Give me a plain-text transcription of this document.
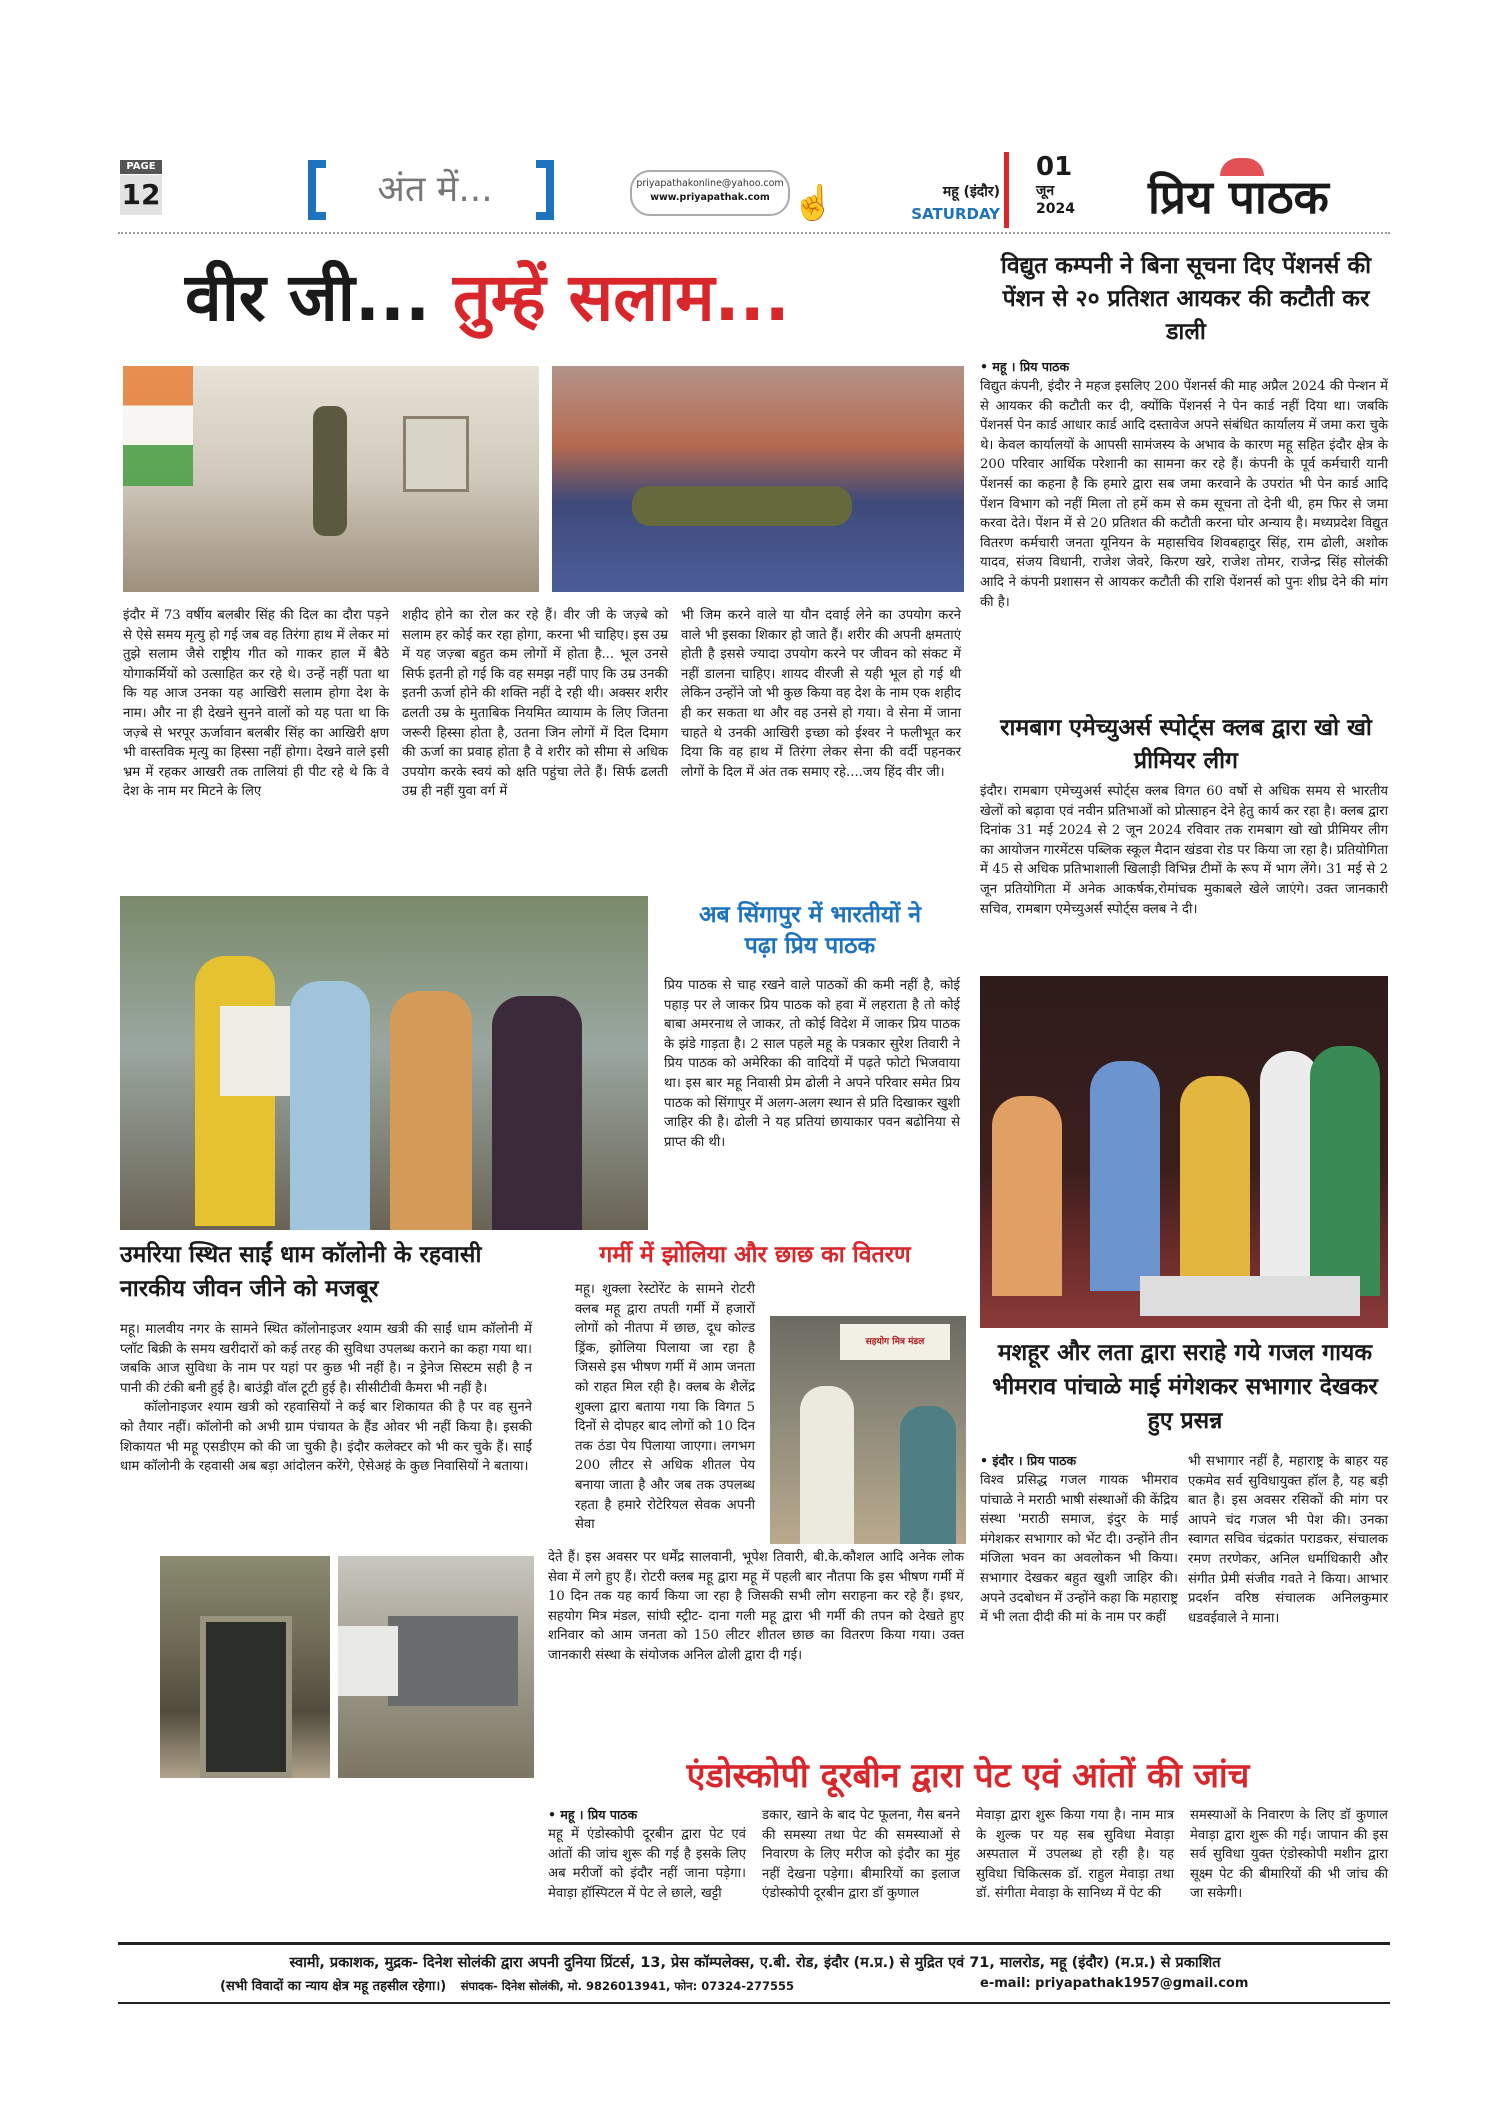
PAGE
12	अंत में...	priyapathakonline@yahoo.com
www.priyapathak.com ☝	महू (इंदौर)
SATURDAY
01
जून
2024	प्रिय पाठक
वीर जी... तुम्हें सलाम...

इंदौर में 73 वर्षीय बलबीर सिंह की दिल का दौरा पड़ने से ऐसे समय मृत्यु हो गई जब वह तिरंगा हाथ में लेकर मां तुझे सलाम जैसे राष्ट्रीय गीत को गाकर हाल में बैठे योगाकर्मियों को उत्साहित कर रहे थे। उन्हें नहीं पता था कि यह आज उनका यह आखिरी सलाम होगा देश के नाम। और ना ही देखने सुनने वालों को यह पता था कि जज़्बे से भरपूर ऊर्जावान बलबीर सिंह का आखिरी क्षण भी वास्तविक मृत्यु का हिस्सा नहीं होगा। देखने वाले इसी भ्रम में रहकर आखरी तक तालियां ही पीट रहे थे कि वे देश के नाम मर मिटने के लिए

शहीद होने का रोल कर रहे हैं। वीर जी के जज़्बे को सलाम हर कोई कर रहा होगा, करना भी चाहिए। इस उम्र में यह जज़्बा बहुत कम लोगों में होता है... भूल उनसे सिर्फ इतनी हो गई कि वह समझ नहीं पाए कि उम्र उनकी इतनी ऊर्जा होने की शक्ति नहीं दे रही थी। अक्सर शरीर ढलती उम्र के मुताबिक नियमित व्यायाम के लिए जितना जरूरी हिस्सा होता है, उतना जिन लोगों में दिल दिमाग की ऊर्जा का प्रवाह होता है वे शरीर को सीमा से अधिक उपयोग करके स्वयं को क्षति पहुंचा लेते हैं। सिर्फ ढलती उम्र ही नहीं युवा वर्ग में

भी जिम करने वाले या यौन दवाई लेने का उपयोग करने वाले भी इसका शिकार हो जाते हैं। शरीर की अपनी क्षमताएं होती है इससे ज्यादा उपयोग करने पर जीवन को संकट में नहीं डालना चाहिए। शायद वीरजी से यही भूल हो गई थी लेकिन उन्होंने जो भी कुछ किया वह देश के नाम एक शहीद ही कर सकता था और वह उनसे हो गया। वे सेना में जाना चाहते थे उनकी आखिरी इच्छा को ईश्वर ने फलीभूत कर दिया कि वह हाथ में तिरंगा लेकर सेना की वर्दी पहनकर लोगों के दिल में अंत तक समाए रहे....जय हिंद वीर जी।

विद्युत कम्पनी ने बिना सूचना दिए पेंशनर्स की पेंशन से २० प्रतिशत आयकर की कटौती कर डाली

• महू । प्रिय पाठक

विद्युत कंपनी, इंदौर ने महज इसलिए 200 पेंशनर्स की माह अप्रैल 2024 की पेन्शन में से आयकर की कटौती कर दी, क्योंकि पेंशनर्स ने पेन कार्ड नहीं दिया था। जबकि पेंशनर्स पेन कार्ड आधार कार्ड आदि दस्तावेज अपने संबंधित कार्यालय में जमा करा चुके थे। केवल कार्यालयों के आपसी सामंजस्य के अभाव के कारण महू सहित इंदौर क्षेत्र के 200 परिवार आर्थिक परेशानी का सामना कर रहे हैं। कंपनी के पूर्व कर्मचारी यानी पेंशनर्स का कहना है कि हमारे द्वारा सब जमा करवाने के उपरांत भी पेन कार्ड आदि पेंशन विभाग को नहीं मिला तो हमें कम से कम सूचना तो देनी थी, हम फिर से जमा करवा देते। पेंशन में से 20 प्रतिशत की कटौती करना घोर अन्याय है। मध्यप्रदेश विद्युत वितरण कर्मचारी जनता यूनियन के महासचिव शिवबहादुर सिंह, राम ढोली, अशोक यादव, संजय विधानी, राजेश जेवरे, किरण खरे, राजेश तोमर, राजेन्द्र सिंह सोलंकी आदि ने कंपनी प्रशासन से आयकर कटौती की राशि पेंशनर्स को पुनः शीघ्र देने की मांग की है।

रामबाग एमेच्युअर्स स्पोर्ट्स क्लब द्वारा खो खो प्रीमियर लीग

इंदौर। रामबाग एमेच्युअर्स स्पोर्ट्स क्लब विगत 60 वर्षो से अधिक समय से भारतीय खेलों को बढ़ावा एवं नवीन प्रतिभाओं को प्रोत्साहन देने हेतु कार्य कर रहा है। क्लब द्वारा दिनांक 31 मई 2024 से 2 जून 2024 रविवार तक रामबाग खो खो प्रीमियर लीग का आयोजन गारमेंटस पब्लिक स्कूल मैदान खंडवा रोड पर किया जा रहा है। प्रतियोगिता में 45 से अधिक प्रतिभाशाली खिलाड़ी विभिन्न टीमों के रूप में भाग लेंगे। 31 मई से 2 जून प्रतियोगिता में अनेक आकर्षक,रोमांचक मुकाबले खेले जाएंगे। उक्त जानकारी सचिव, रामबाग एमेच्युअर्स स्पोर्ट्स क्लब ने दी।

अब सिंगापुर में भारतीयों ने पढ़ा प्रिय पाठक

प्रिय पाठक से चाह रखने वाले पाठकों की कमी नहीं है, कोई पहाड़ पर ले जाकर प्रिय पाठक को हवा में लहराता है तो कोई बाबा अमरनाथ ले जाकर, तो कोई विदेश में जाकर प्रिय पाठक के झंडे गाड़ता है। 2 साल पहले महू के पत्रकार सुरेश तिवारी ने प्रिय पाठक को अमेरिका की वादियों में पढ़ते फोटो भिजवाया था। इस बार महू निवासी प्रेम ढोली ने अपने परिवार समेत प्रिय पाठक को सिंगापुर में अलग-अलग स्थान से प्रति दिखाकर खुशी जाहिर की है। ढोली ने यह प्रतियां छायाकार पवन बढोनिया से प्राप्त की थी।

उमरिया स्थित साईं धाम कॉलोनी के रहवासी नारकीय जीवन जीने को मजबूर

महू। मालवीय नगर के सामने स्थित कॉलोनाइजर श्याम खत्री की साईं धाम कॉलोनी में प्लॉट बिक्री के समय खरीदारों को कई तरह की सुविधा उपलब्ध कराने का कहा गया था। जबकि आज सुविधा के नाम पर यहां पर कुछ भी नहीं है। न ड्रेनेज सिस्टम सही है न पानी की टंकी बनी हुई है। बाउंड्री वॉल टूटी हुई है। सीसीटीवी कैमरा भी नहीं है।

कॉलोनाइजर श्याम खत्री को रहवासियों ने कई बार शिकायत की है पर वह सुनने को तैयार नहीं। कॉलोनी को अभी ग्राम पंचायत के हैंड ओवर भी नहीं किया है। इसकी शिकायत भी महू एसडीएम को की जा चुकी है। इंदौर कलेक्टर को भी कर चुके हैं। साईं धाम कॉलोनी के रहवासी अब बड़ा आंदोलन करेंगे, ऐसेअहं के कुछ निवासियों ने बताया।

गर्मी में झोलिया और छाछ का वितरण

महू। शुक्ला रेस्टोरेंट के सामने रोटरी क्लब महू द्वारा तपती गर्मी में हजारों लोगों को नीतपा में छाछ, दूध कोल्ड ड्रिंक, झोलिया पिलाया जा रहा है जिससे इस भीषण गर्मी में आम जनता को राहत मिल रही है। क्लब के शैलेंद्र शुक्ला द्वारा बताया गया कि विगत 5 दिनों से दोपहर बाद लोगों को 10 दिन तक ठंडा पेय पिलाया जाएगा। लगभग 200 लीटर से अधिक शीतल पेय बनाया जाता है और जब तक उपलब्ध रहता है हमारे रोटेरियल सेवक अपनी सेवा

सहयोग मित्र मंडल

देते हैं। इस अवसर पर धर्मेंद्र सालवानी, भूपेश तिवारी, बी.के.कौशल आदि अनेक लोक सेवा में लगे हुए हैं। रोटरी क्लब महू द्वारा महू में पहली बार नौतपा कि इस भीषण गर्मी में 10 दिन तक यह कार्य किया जा रहा है जिसकी सभी लोग सराहना कर रहे हैं। इधर, सहयोग मित्र मंडल, सांघी स्ट्रीट- दाना गली महू द्वारा भी गर्मी की तपन को देखते हुए शनिवार को आम जनता को 150 लीटर शीतल छाछ का वितरण किया गया। उक्त जानकारी संस्था के संयोजक अनिल ढोली द्वारा दी गई।

मशहूर और लता द्वारा सराहे गये गजल गायक भीमराव पांचाळे माई मंगेशकर सभागार देखकर हुए प्रसन्न

• इंदौर । प्रिय पाठक

विश्व प्रसिद्ध गजल गायक भीमराव पांचाळे ने मराठी भाषी संस्थाओं की केंद्रिय संस्था 'मराठी समाज, इंदुर के माई मंगेशकर सभागार को भेंट दी। उन्होंने तीन मंजिला भवन का अवलोकन भी किया। सभागार देखकर बहुत खुशी जाहिर की। अपने उदबोधन में उन्होंने कहा कि महाराष्ट्र में भी लता दीदी की मां के नाम पर कहीं

भी सभागार नहीं है, महाराष्ट्र के बाहर यह एकमेव सर्व सुविधायुक्त हॉल है, यह बड़ी बात है। इस अवसर रसिकों की मांग पर आपने चंद गजल भी पेश की। उनका स्वागत सचिव चंद्रकांत पराडकर, संचालक रमण तरणेकर, अनिल धर्माधिकारी और संगीत प्रेमी संजीव गवते ने किया। आभार प्रदर्शन वरिष्ठ संचालक अनिलकुमार धडवईवाले ने माना।

एंडोस्कोपी दूरबीन द्वारा पेट एवं आंतों की जांच

• महू । प्रिय पाठक

महू में एंडोस्कोपी दूरबीन द्वारा पेट एवं आंतों की जांच शुरू की गई है इसके लिए अब मरीजों को इंदौर नहीं जाना पड़ेगा। मेवाड़ा हॉस्पिटल में पेट ले छाले, खट्टी

डकार, खाने के बाद पेट फूलना, गैस बनने की समस्या तथा पेट की समस्याओं से निवारण के लिए मरीज को इंदौर का मुंह नहीं देखना पड़ेगा। बीमारियों का इलाज एंडोस्कोपी दूरबीन द्वारा डॉ कुणाल

मेवाड़ा द्वारा शुरू किया गया है। नाम मात्र के शुल्क पर यह सब सुविधा मेवाड़ा अस्पताल में उपलब्ध हो रही है। यह सुविधा चिकित्सक डॉ. राहुल मेवाड़ा तथा डॉ. संगीता मेवाड़ा के सानिध्य में पेट की

समस्याओं के निवारण के लिए डॉ कुणाल मेवाड़ा द्वारा शुरू की गई। जापान की इस सर्व सुविधा युक्त एंडोस्कोपी मशीन द्वारा सूक्ष्म पेट की बीमारियों की भी जांच की जा सकेगी।

स्वामी, प्रकाशक, मुद्रक- दिनेश सोलंकी द्वारा अपनी दुनिया प्रिंटर्स, 13, प्रेस कॉम्पलेक्स, ए.बी. रोड, इंदौर (म.प्र.) से मुद्रित एवं 71, मालरोड, महू (इंदौर) (म.प्र.) से प्रकाशित
(सभी विवादों का न्याय क्षेत्र महू तहसील रहेगा।) संपादक- दिनेश सोलंकी, मो. 9826013941, फोन: 07324-277555	e-mail: priyapathak1957@gmail.com
